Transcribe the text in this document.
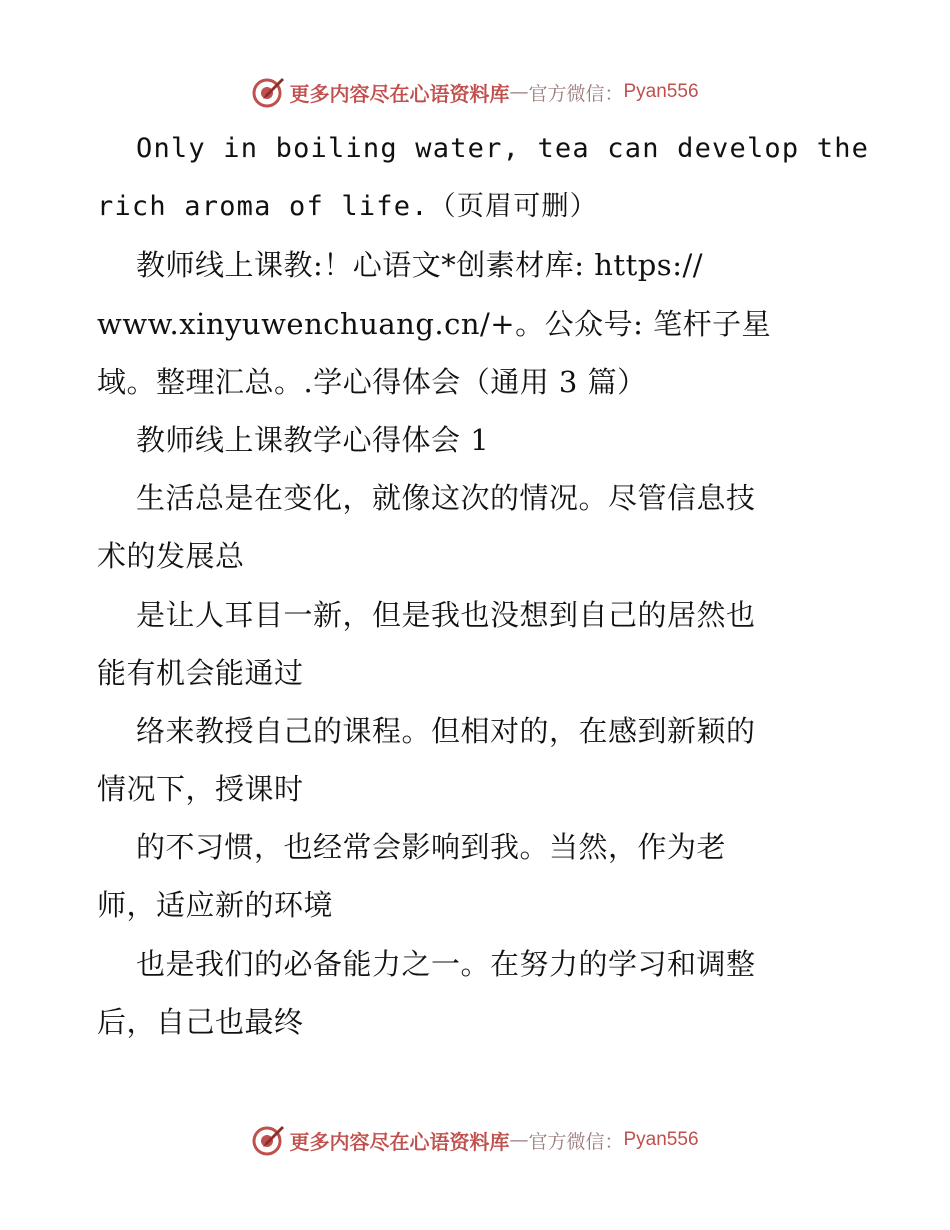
更多内容尽在心语资料库 — 官方微信： Pyan556
Only in boiling water, tea can develop the
rich aroma of life.（页眉可删）
教师线上课教:！心语文*创素材库: https://
www.xinyuwenchuang.cn/+。公众号: 笔杆子星
域。整理汇总。.学心得体会（通用 3 篇）
教师线上课教学心得体会 1
生活总是在变化，就像这次的情况。尽管信息技
术的发展总
是让人耳目一新，但是我也没想到自己的居然也
能有机会能通过
络来教授自己的课程。但相对的，在感到新颖的
情况下，授课时
的不习惯，也经常会影响到我。当然，作为老
师，适应新的环境
也是我们的必备能力之一。在努力的学习和调整
后，自己也最终
更多内容尽在心语资料库 — 官方微信： Pyan556
